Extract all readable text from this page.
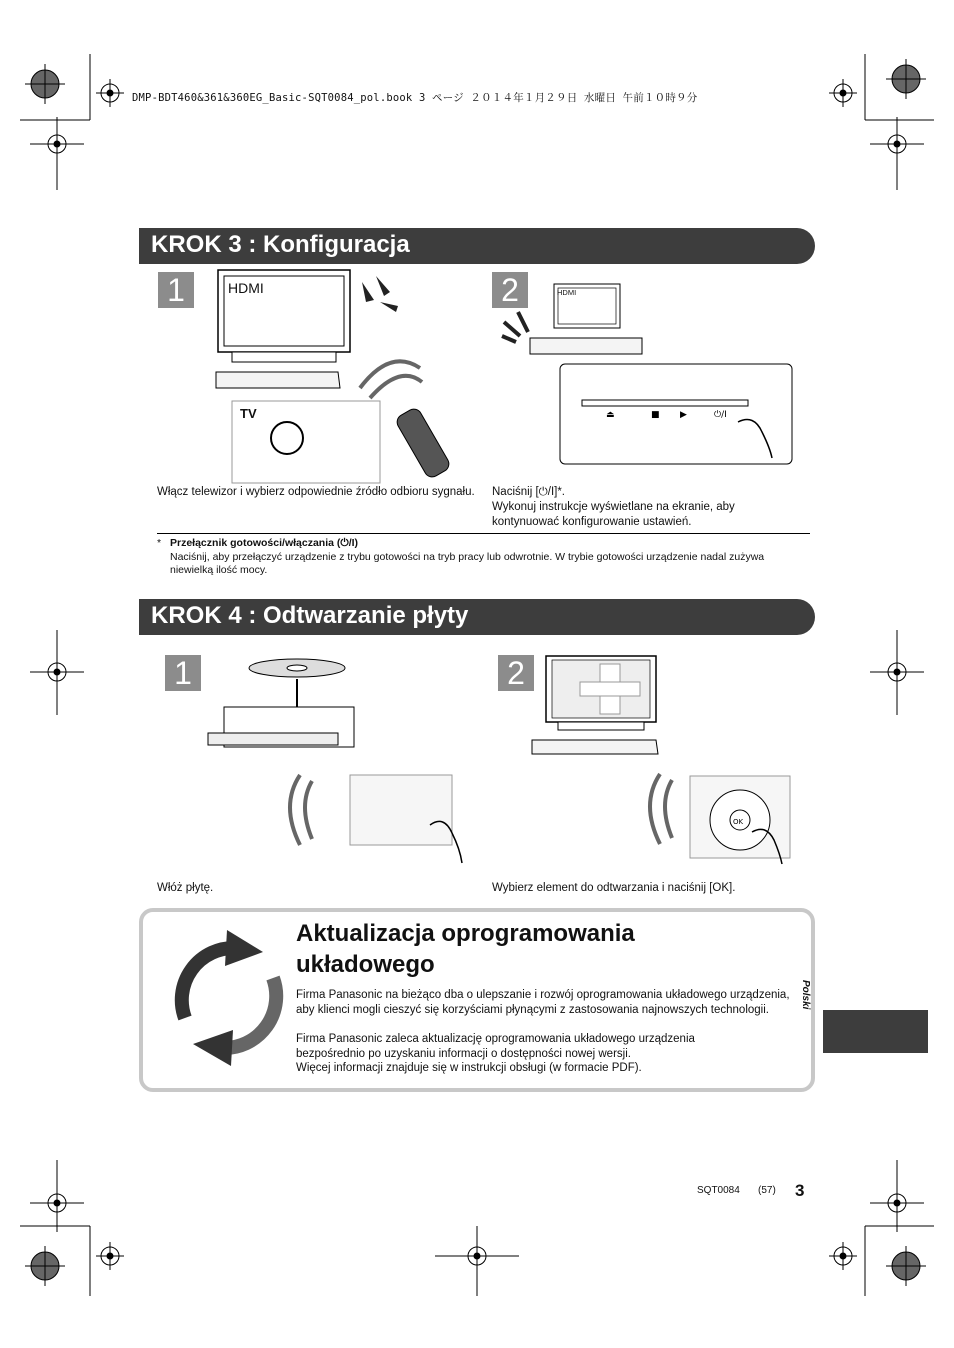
DMP-BDT460&361&360EG_Basic-SQT0084_pol.book 3 ページ ２０１４年１月２９日 水曜日 午前１０時９分
KROK 3 : Konfiguracja
1	2
HDMI
TV	⏏	■ ▶	⏻/I
HDMI
Włącz telewizor i wybierz odpowiednie źródło odbioru sygnału. Naciśnij [⏻/I]*.
Wykonuj instrukcje wyświetlane na ekranie, aby kontynuować konfigurowanie ustawień.
* Przełącznik gotowości/włączania (⏻/I)
Naciśnij, aby przełączyć urządzenie z trybu gotowości na tryb pracy lub odwrotnie. W trybie gotowości urządzenie nadal zużywa niewielką ilość mocy.
KROK 4 : Odtwarzanie płyty
1	2
OK
Włóż płytę.	Wybierz element do odtwarzania i naciśnij [OK].
Aktualizacja oprogramowania
układowego
Firma Panasonic na bieżąco dba o ulepszanie i rozwój oprogramowania układowego urządzenia, aby klienci mogli cieszyć się korzyściami płynącymi z zastosowania najnowszych technologii.
Firma Panasonic zaleca aktualizację oprogramowania układowego urządzenia bezpośrednio po uzyskaniu informacji o dostępności nowej wersji.
Więcej informacji znajduje się w instrukcji obsługi (w formacie PDF).
Polski
SQT0084 (57) 3
